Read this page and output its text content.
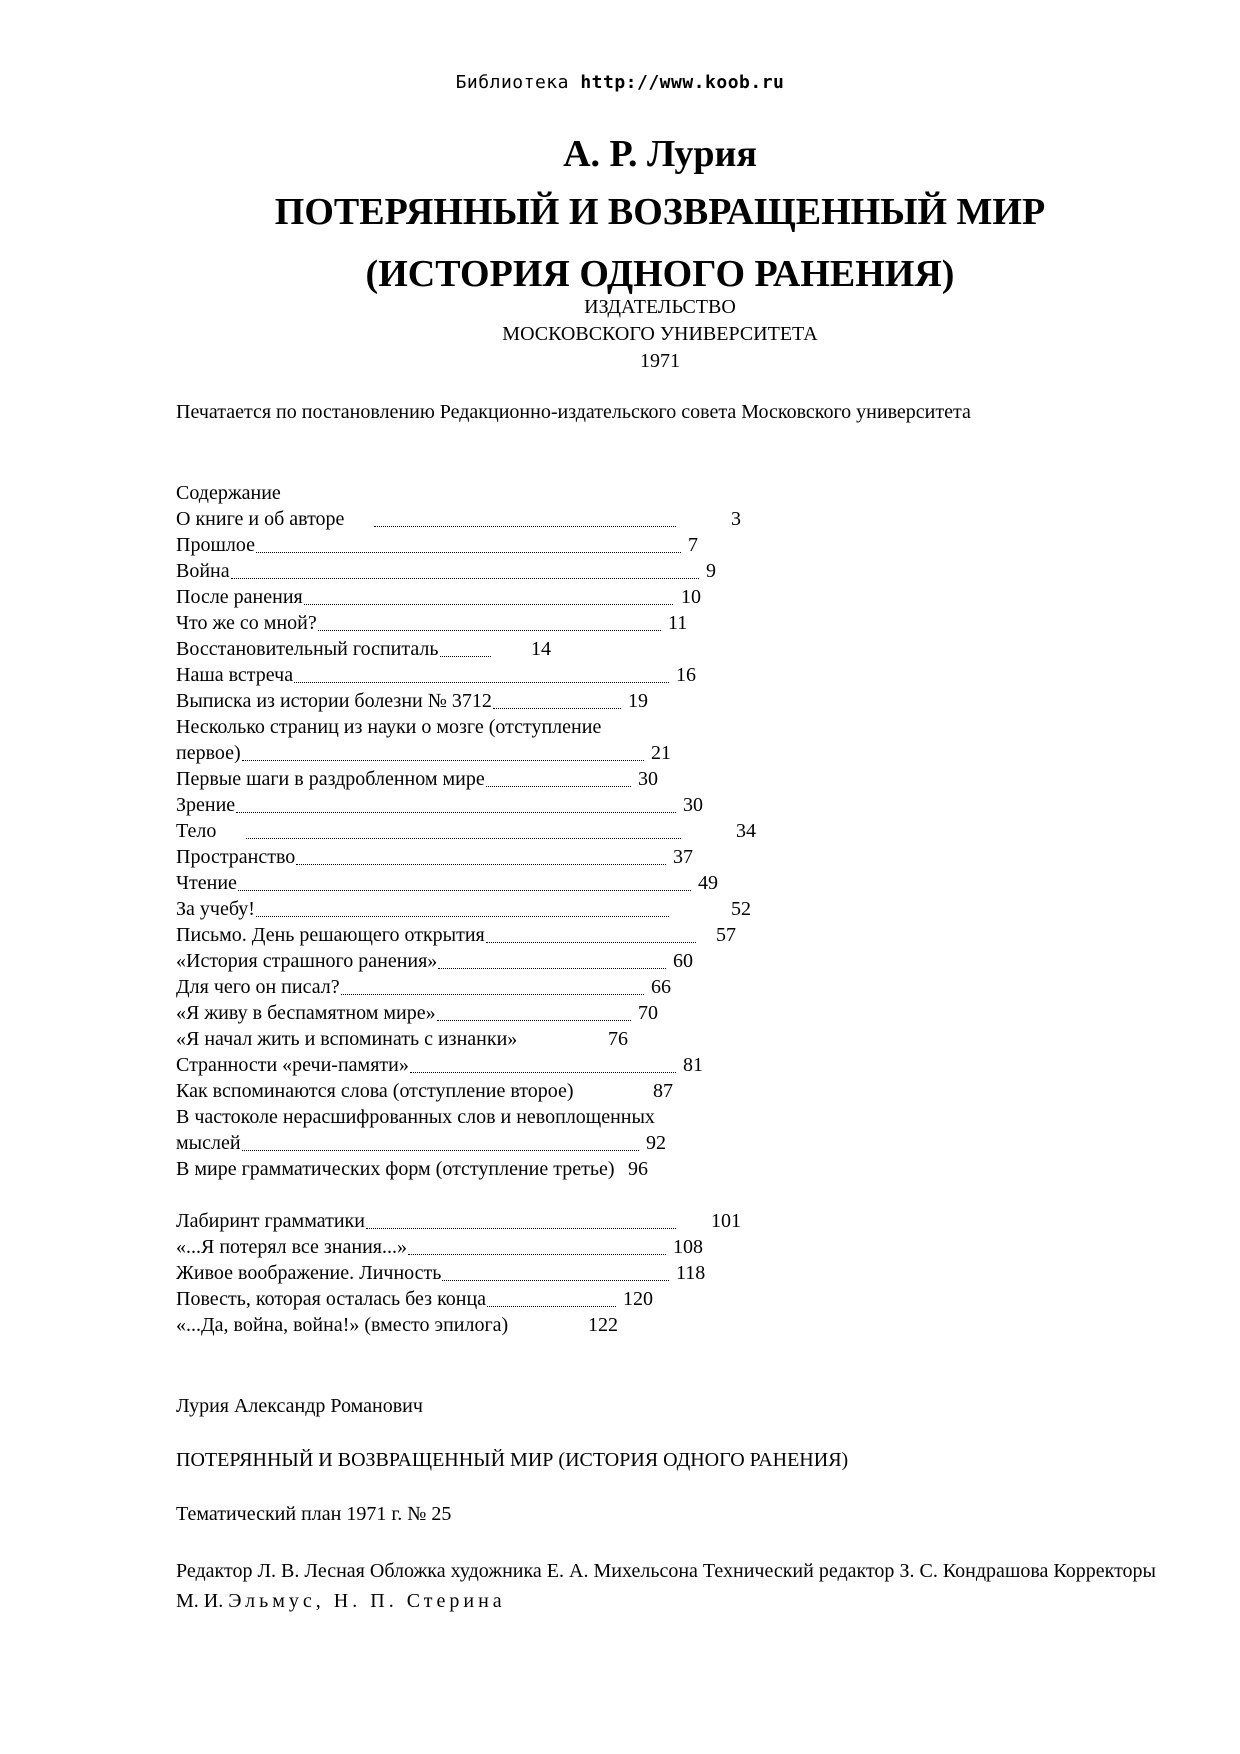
Библиотека http://www.koob.ru
А. Р. Лурия
ПОТЕРЯННЫЙ И ВОЗВРАЩЕННЫЙ МИР
(ИСТОРИЯ ОДНОГО РАНЕНИЯ)
ИЗДАТЕЛЬСТВО
МОСКОВСКОГО УНИВЕРСИТЕТА
1971
Печатается по постановлению Редакционно-издательского совета Московского университета
Содержание
О книге и об авторе	3
Прошлое	7
Война	9
После ранения	10
Что же со мной?	11
Восстановительный госпиталь	14
Наша встреча	16
Выписка из истории болезни № 3712	19
Несколько страниц из науки о мозге (отступление
первое)	21
Первые шаги в раздробленном мире	30
Зрение	30
Тело	34
Пространство	37
Чтение	49
За учебу!	52
Письмо. День решающего открытия	57
«История страшного ранения»	60
Для чего он писал?	66
«Я живу в беспамятном мире»	70
«Я начал жить и вспоминать с изнанки»	76
Странности «речи-памяти»	81
Как вспоминаются слова (отступление второе)	87
В частоколе нерасшифрованных слов и невоплощенных
мыслей	92
В мире грамматических форм (отступление третье) 96
Лабиринт грамматики	101
«...Я потерял все знания...»	108
Живое воображение. Личность	118
Повесть, которая осталась без конца	120
«...Да, война, война!» (вместо эпилога)	122
Лурия Александр Романович
ПОТЕРЯННЫЙ И ВОЗВРАЩЕННЫЙ МИР (ИСТОРИЯ ОДНОГО РАНЕНИЯ)
Тематический план 1971 г. № 25
Редактор Л. В. Лесная Обложка художника Е. А. Михельсона Технический редактор З. С. Кондрашова Корректоры М. И. Эльмус, Н. П. Стерина
